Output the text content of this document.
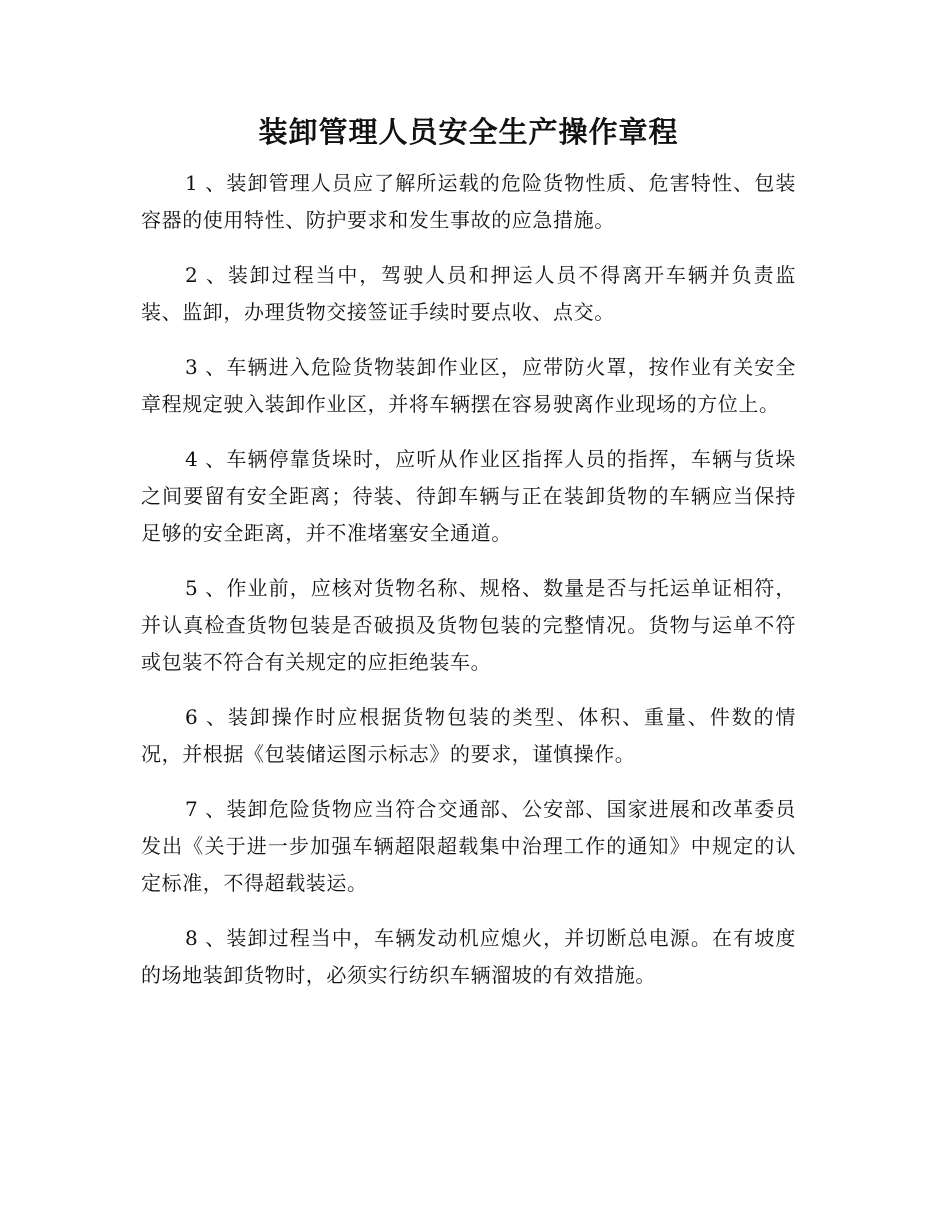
装卸管理人员安全生产操作章程

1 、装卸管理人员应了解所运载的危险货物性质、危害特性、包装容器的使用特性、防护要求和发生事故的应急措施。

2 、装卸过程当中，驾驶人员和押运人员不得离开车辆并负责监装、监卸，办理货物交接签证手续时要点收、点交。

3 、车辆进入危险货物装卸作业区，应带防火罩，按作业有关安全章程规定驶入装卸作业区，并将车辆摆在容易驶离作业现场的方位上。

4 、车辆停靠货垛时，应听从作业区指挥人员的指挥，车辆与货垛之间要留有安全距离；待装、待卸车辆与正在装卸货物的车辆应当保持足够的安全距离，并不准堵塞安全通道。

5 、作业前，应核对货物名称、规格、数量是否与托运单证相符，并认真检查货物包装是否破损及货物包装的完整情况。货物与运单不符或包装不符合有关规定的应拒绝装车。

6 、装卸操作时应根据货物包装的类型、体积、重量、件数的情况，并根据《包装储运图示标志》的要求，谨慎操作。

7 、装卸危险货物应当符合交通部、公安部、国家进展和改革委员发出《关于进一步加强车辆超限超载集中治理工作的通知》中规定的认定标准，不得超载装运。

8 、装卸过程当中，车辆发动机应熄火，并切断总电源。在有坡度的场地装卸货物时，必须实行纺织车辆溜坡的有效措施。
